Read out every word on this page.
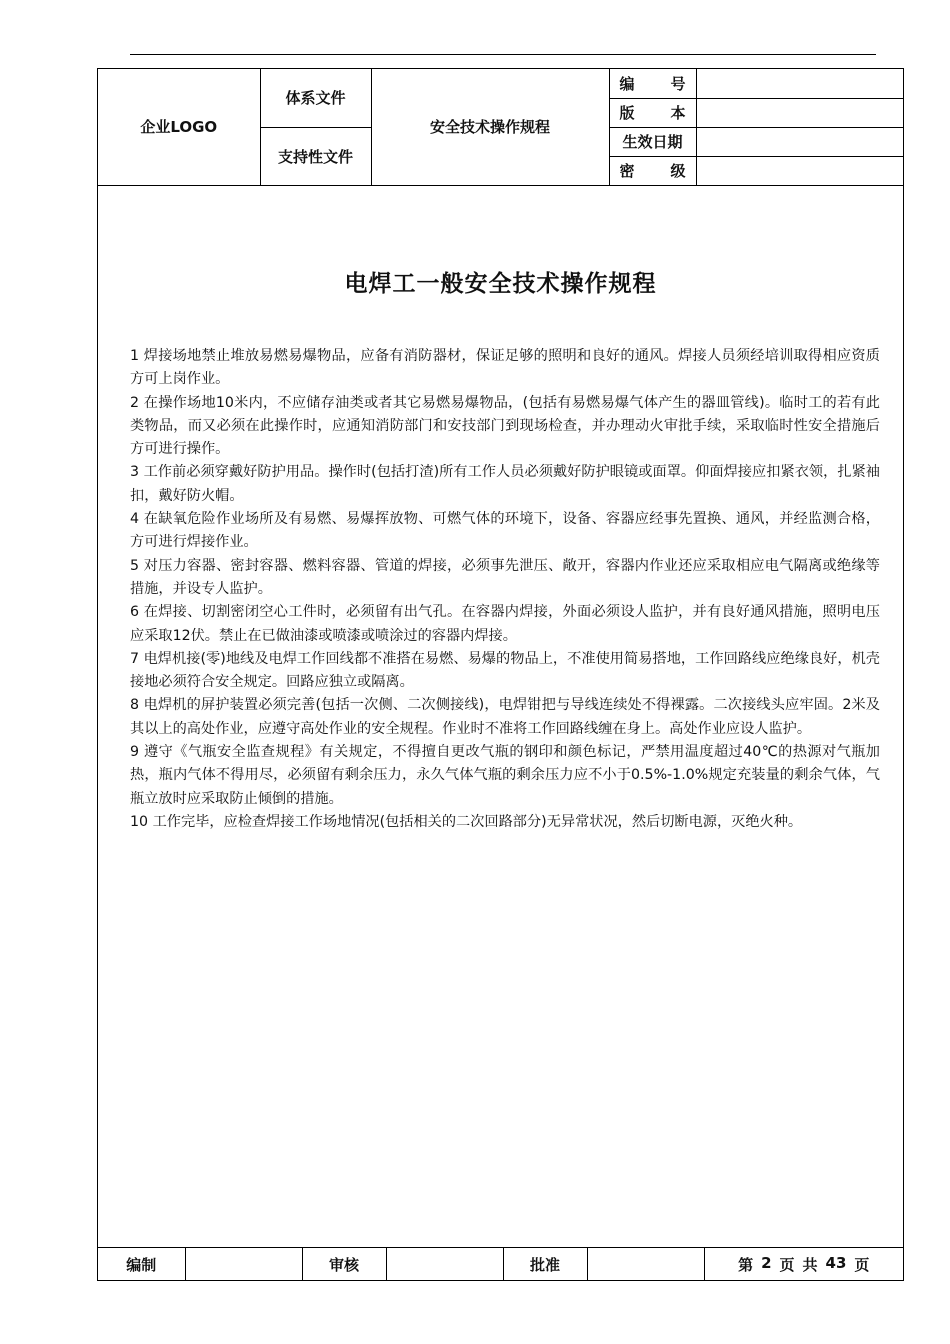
企业LOGO	体系文件	安全技术操作规程	编 号	

			版 本	

	支持性文件		生效日期	

			密 级	

电焊工一般安全技术操作规程

1 焊接场地禁止堆放易燃易爆物品，应备有消防器材，保证足够的照明和良好的通风。焊接人员须经培训取得相应资质方可上岗作业。

2 在操作场地10米内，不应储存油类或者其它易燃易爆物品，(包括有易燃易爆气体产生的器皿管线)。临时工的若有此类物品，而又必须在此操作时，应通知消防部门和安技部门到现场检查，并办理动火审批手续，采取临时性安全措施后方可进行操作。

3 工作前必须穿戴好防护用品。操作时(包括打渣)所有工作人员必须戴好防护眼镜或面罩。仰面焊接应扣紧衣领，扎紧袖扣，戴好防火帽。

4 在缺氧危险作业场所及有易燃、易爆挥放物、可燃气体的环境下，设备、容器应经事先置换、通风，并经监测合格，方可进行焊接作业。

5 对压力容器、密封容器、燃料容器、管道的焊接，必须事先泄压、敞开，容器内作业还应采取相应电气隔离或绝缘等措施，并设专人监护。

6 在焊接、切割密闭空心工件时，必须留有出气孔。在容器内焊接，外面必须设人监护，并有良好通风措施，照明电压应采取12伏。禁止在已做油漆或喷漆或喷涂过的容器内焊接。

7 电焊机接(零)地线及电焊工作回线都不准搭在易燃、易爆的物品上，不准使用简易搭地，工作回路线应绝缘良好，机壳接地必须符合安全规定。回路应独立或隔离。

8 电焊机的屏护装置必须完善(包括一次侧、二次侧接线)，电焊钳把与导线连续处不得裸露。二次接线头应牢固。2米及其以上的高处作业，应遵守高处作业的安全规程。作业时不准将工作回路线缠在身上。高处作业应设人监护。

9 遵守《气瓶安全监查规程》有关规定，不得擅自更改气瓶的钢印和颜色标记，严禁用温度超过40℃的热源对气瓶加热，瓶内气体不得用尽，必须留有剩余压力，永久气体气瓶的剩余压力应不小于0.5%-1.0%规定充装量的剩余气体，气瓶立放时应采取防止倾倒的措施。

10 工作完毕，应检查焊接工作场地情况(包括相关的二次回路部分)无异常状况，然后切断电源，灭绝火种。

编制		审核		批准		第 2 页 共 43 页
